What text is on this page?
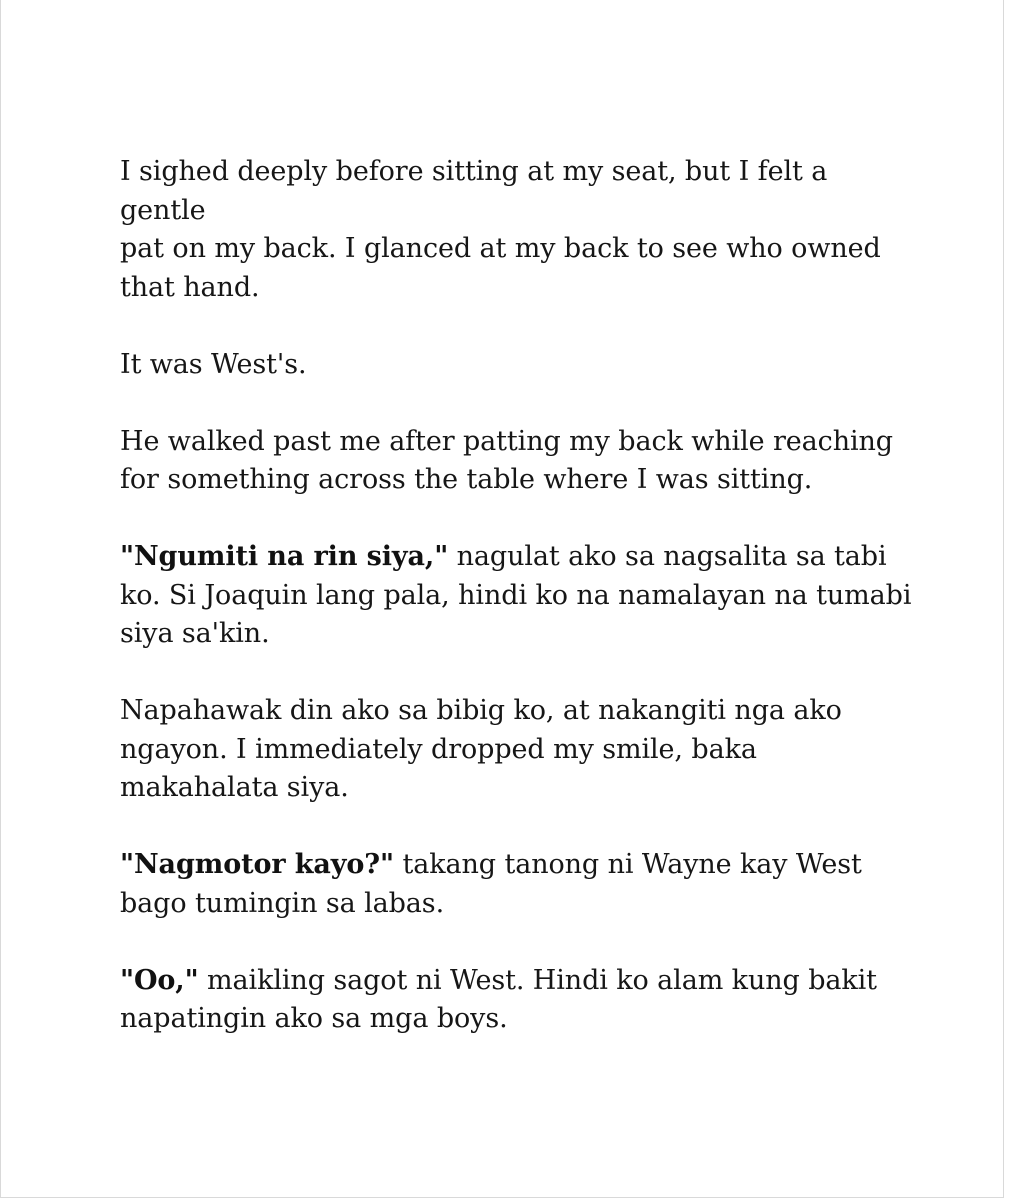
I sighed deeply before sitting at my seat, but I felt a gentle
pat on my back. I glanced at my back to see who owned
that hand.

It was West's.

He walked past me after patting my back while reaching
for something across the table where I was sitting.

"Ngumiti na rin siya," nagulat ako sa nagsalita sa tabi
ko. Si Joaquin lang pala, hindi ko na namalayan na tumabi
siya sa'kin.

Napahawak din ako sa bibig ko, at nakangiti nga ako
ngayon. I immediately dropped my smile, baka
makahalata siya.

"Nagmotor kayo?" takang tanong ni Wayne kay West
bago tumingin sa labas.

"Oo," maikling sagot ni West. Hindi ko alam kung bakit
napatingin ako sa mga boys.
